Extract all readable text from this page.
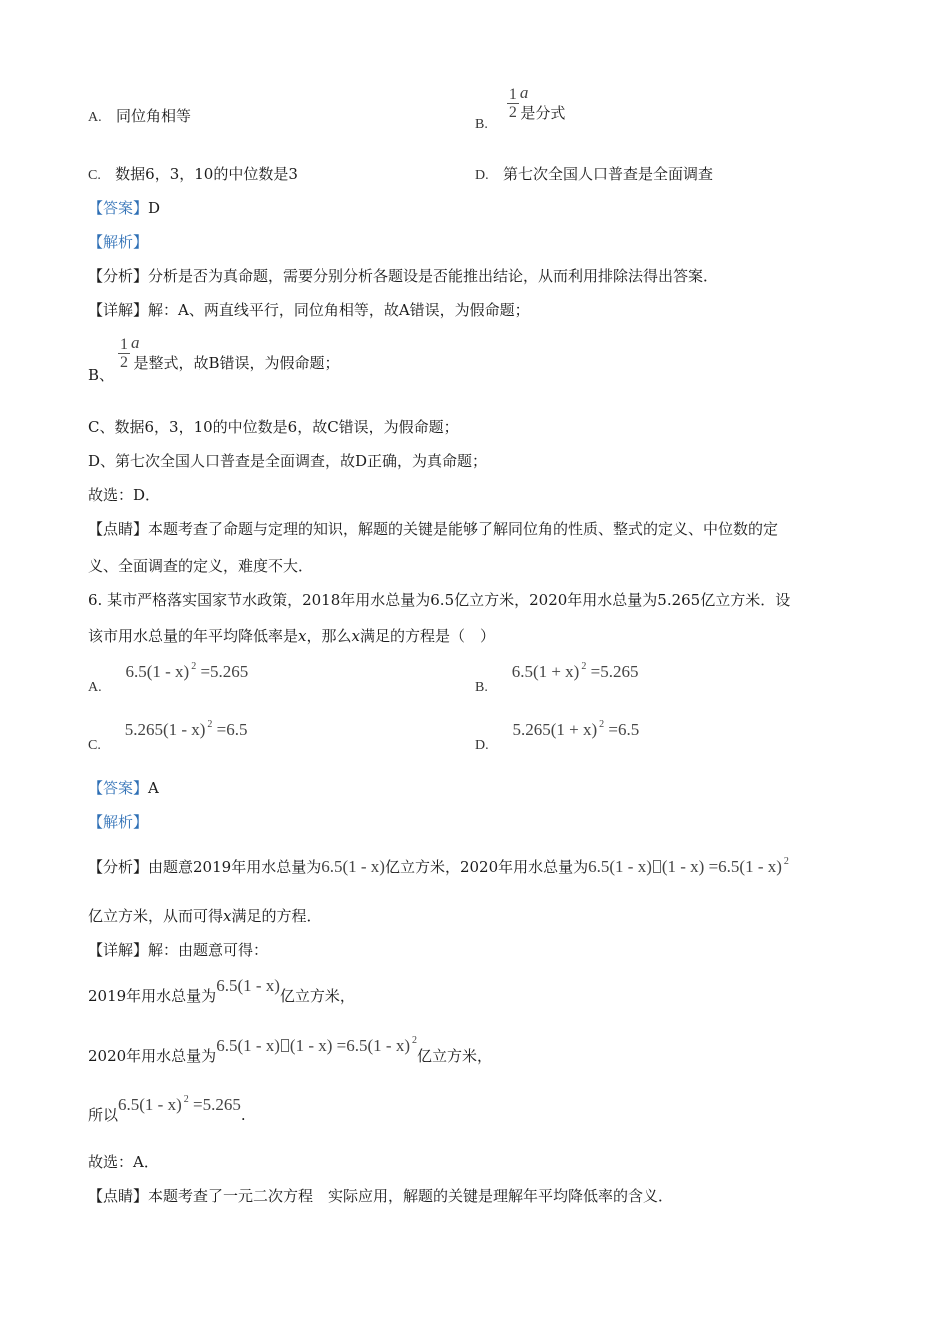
A. 同位角相等	B.
$\frac{1}{2}$ a是分式
C. 数据6，3，10的中位数是3	D. 第七次全国人口普查是全面调查
【答案】D
【解析】
【分析】分析是否为真命题，需要分别分析各题设是否能推出结论，从而利用排除法得出答案．
【详解】解：A、两直线平行，同位角相等，故A错误，为假命题；
B、
$\frac{1}{2}$ a是整式，故B错误，为假命题；
C、数据6，3，10的中位数是6，故C错误，为假命题；
D、第七次全国人口普查是全面调查，故D正确，为真命题；
故选：D．
【点睛】本题考查了命题与定理的知识，解题的关键是能够了解同位角的性质、整式的定义、中位数的定
义、全面调查的定义，难度不大．
6. 某市严格落实国家节水政策，2018年用水总量为6.5亿立方米，2020年用水总量为5.265亿立方米．设
该市用水总量的年平均降低率是x，那么x满足的方程是（　）
A.     6.5(1 - x) $^2$ =5.265
B.     6.5(1 + x) $^2$ =5.265
C.     5.265(1 - x) $^2$ =6.5
D.     5.265(1 + x) $^2$ =6.5
【答案】A
【解析】
【分析】由题意2019年用水总量为6.5(1 - x)亿立方米，2020年用水总量为6.5(1 - x) (1 - x) =6.5(1 - x) $^2$
亿立方米，从而可得x满足的方程．
【详解】解：由题意可得：
2019年用水总量为6.5(1 - x)亿立方米，
2020年用水总量为6.5(1 - x) (1 - x) =6.5(1 - x) $^2$亿立方米，
所以6.5(1 - x) $^2$ =5.265.
故选：A．
【点睛】本题考查了一元二次方程　实际应用，解题的关键是理解年平均降低率的含义．
